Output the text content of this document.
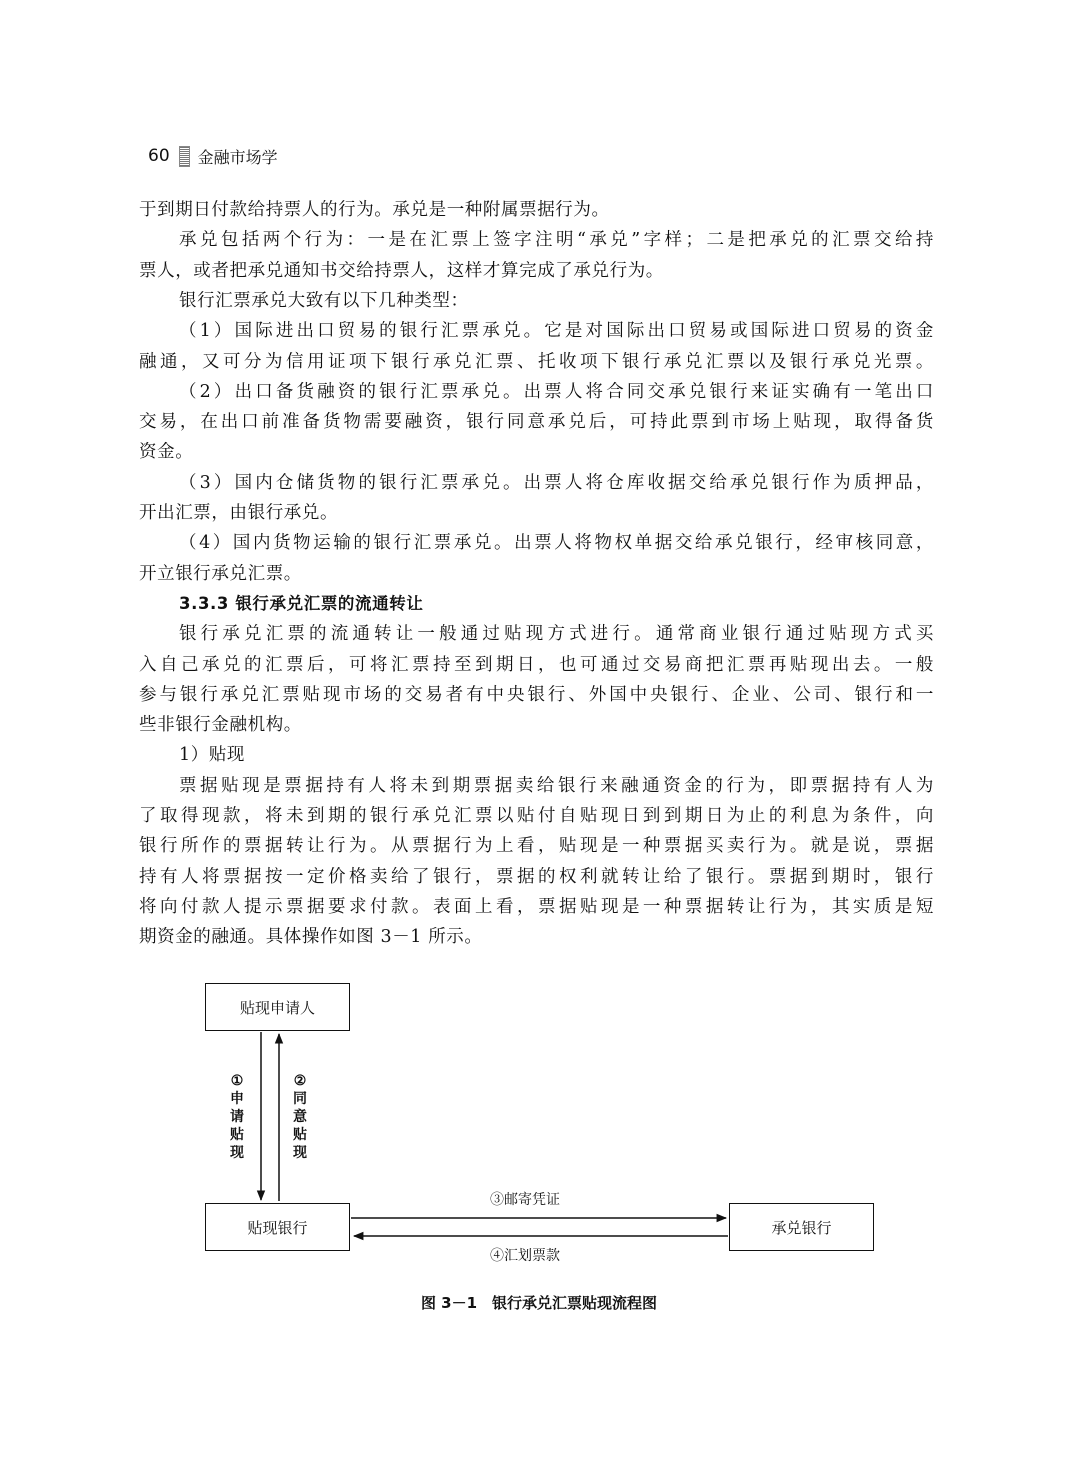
60 金融市场学
于到期日付款给持票人的行为。承兑是一种附属票据行为。
承兑包括两个行为：一是在汇票上签字注明“承兑”字样；二是把承兑的汇票交给持
票人，或者把承兑通知书交给持票人，这样才算完成了承兑行为。
银行汇票承兑大致有以下几种类型：
（1）国际进出口贸易的银行汇票承兑。它是对国际出口贸易或国际进口贸易的资金
融通，又可分为信用证项下银行承兑汇票、托收项下银行承兑汇票以及银行承兑光票。
（2）出口备货融资的银行汇票承兑。出票人将合同交承兑银行来证实确有一笔出口
交易，在出口前准备货物需要融资，银行同意承兑后，可持此票到市场上贴现，取得备货
资金。
（3）国内仓储货物的银行汇票承兑。出票人将仓库收据交给承兑银行作为质押品，
开出汇票，由银行承兑。
（4）国内货物运输的银行汇票承兑。出票人将物权单据交给承兑银行，经审核同意，
开立银行承兑汇票。
3.3.3 银行承兑汇票的流通转让
银行承兑汇票的流通转让一般通过贴现方式进行。通常商业银行通过贴现方式买
入自己承兑的汇票后，可将汇票持至到期日，也可通过交易商把汇票再贴现出去。一般
参与银行承兑汇票贴现市场的交易者有中央银行、外国中央银行、企业、公司、银行和一
些非银行金融机构。
1）贴现
票据贴现是票据持有人将未到期票据卖给银行来融通资金的行为，即票据持有人为
了取得现款，将未到期的银行承兑汇票以贴付自贴现日到到期日为止的利息为条件，向
银行所作的票据转让行为。从票据行为上看，贴现是一种票据买卖行为。就是说，票据
持有人将票据按一定价格卖给了银行，票据的权利就转让给了银行。票据到期时，银行
将向付款人提示票据要求付款。表面上看，票据贴现是一种票据转让行为，其实质是短
期资金的融通。具体操作如图 3－1 所示。
贴现申请人
贴现银行	承兑银行
①
申
请
贴
现
②
同
意
贴
现
③邮寄凭证
④汇划票款
图 3－1　银行承兑汇票贴现流程图
